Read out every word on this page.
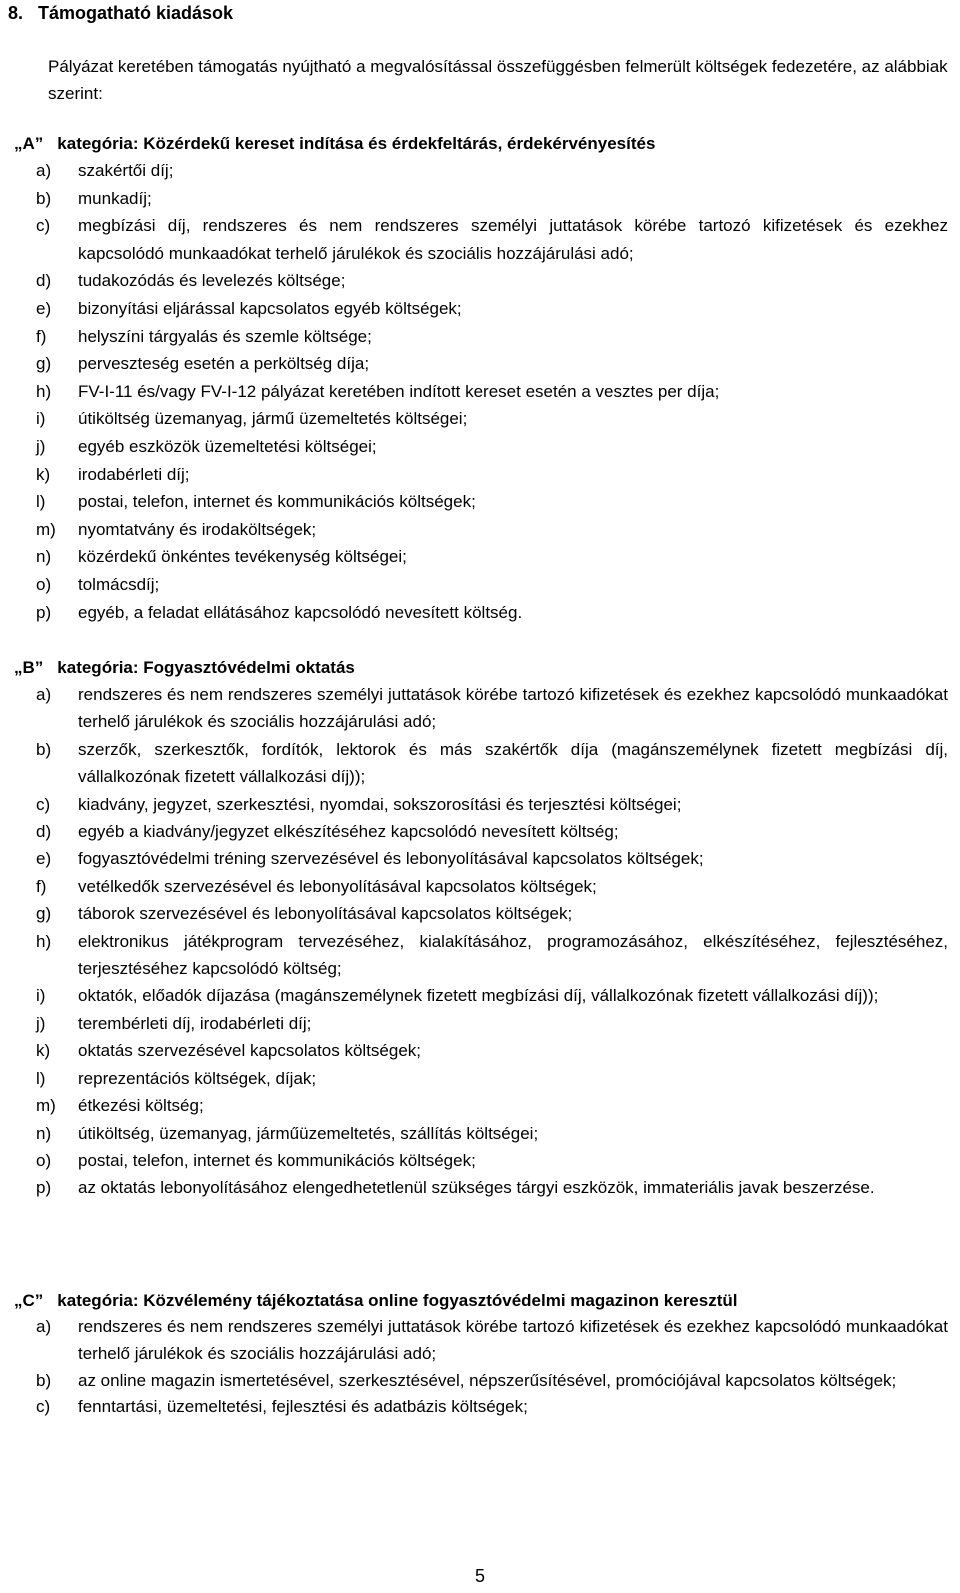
8. Támogatható kiadások
Pályázat keretében támogatás nyújtható a megvalósítással összefüggésben felmerült költségek fedezetére, az alábbiak szerint:
„A” kategória: Közérdekű kereset indítása és érdekfeltárás, érdekérvényesítés
a)	szakértői díj;
b)	munkadíj;
c)	megbízási díj, rendszeres és nem rendszeres személyi juttatások körébe tartozó kifizetések és ezekhez kapcsolódó munkaadókat terhelő járulékok és szociális hozzájárulási adó;
d)	tudakozódás és levelezés költsége;
e)	bizonyítási eljárással kapcsolatos egyéb költségek;
f)	helyszíni tárgyalás és szemle költsége;
g)	perveszteség esetén a perköltség díja;
h)	FV-I-11 és/vagy FV-I-12 pályázat keretében indított kereset esetén a vesztes per díja;
i)	útiköltség üzemanyag, jármű üzemeltetés költségei;
j)	egyéb eszközök üzemeltetési költségei;
k)	irodabérleti díj;
l)	postai, telefon, internet és kommunikációs költségek;
m)	nyomtatvány és irodaköltségek;
n)	közérdekű önkéntes tevékenység költségei;
o)	tolmácsdíj;
p)	egyéb, a feladat ellátásához kapcsolódó nevesített költség.
„B” kategória: Fogyasztóvédelmi oktatás
a)	rendszeres és nem rendszeres személyi juttatások körébe tartozó kifizetések és ezekhez kapcsolódó munkaadókat terhelő járulékok és szociális hozzájárulási adó;
b)	szerzők, szerkesztők, fordítók, lektorok és más szakértők díja (magánszemélynek fizetett megbízási díj, vállalkozónak fizetett vállalkozási díj));
c)	kiadvány, jegyzet, szerkesztési, nyomdai, sokszorosítási és terjesztési költségei;
d)	egyéb a kiadvány/jegyzet elkészítéséhez kapcsolódó nevesített költség;
e)	fogyasztóvédelmi tréning szervezésével és lebonyolításával kapcsolatos költségek;
f)	vetélkedők szervezésével és lebonyolításával kapcsolatos költségek;
g)	táborok szervezésével és lebonyolításával kapcsolatos költségek;
h)	elektronikus játékprogram tervezéséhez, kialakításához, programozásához, elkészítéséhez, fejlesztéséhez, terjesztéséhez kapcsolódó költség;
i)	oktatók, előadók díjazása (magánszemélynek fizetett megbízási díj, vállalkozónak fizetett vállalkozási díj));
j)	terembérleti díj, irodabérleti díj;
k)	oktatás szervezésével kapcsolatos költségek;
l)	reprezentációs költségek, díjak;
m)	étkezési költség;
n)	útiköltség, üzemanyag, járműüzemeltetés, szállítás költségei;
o)	postai, telefon, internet és kommunikációs költségek;
p)	az oktatás lebonyolításához elengedhetetlenül szükséges tárgyi eszközök, immateriális javak beszerzése.
„C” kategória: Közvélemény tájékoztatása online fogyasztóvédelmi magazinon keresztül
a)	rendszeres és nem rendszeres személyi juttatások körébe tartozó kifizetések és ezekhez kapcsolódó munkaadókat terhelő járulékok és szociális hozzájárulási adó;
b)	az online magazin ismertetésével, szerkesztésével, népszerűsítésével, promóciójával kapcsolatos költségek;
c)	fenntartási, üzemeltetési, fejlesztési és adatbázis költségek;
5
